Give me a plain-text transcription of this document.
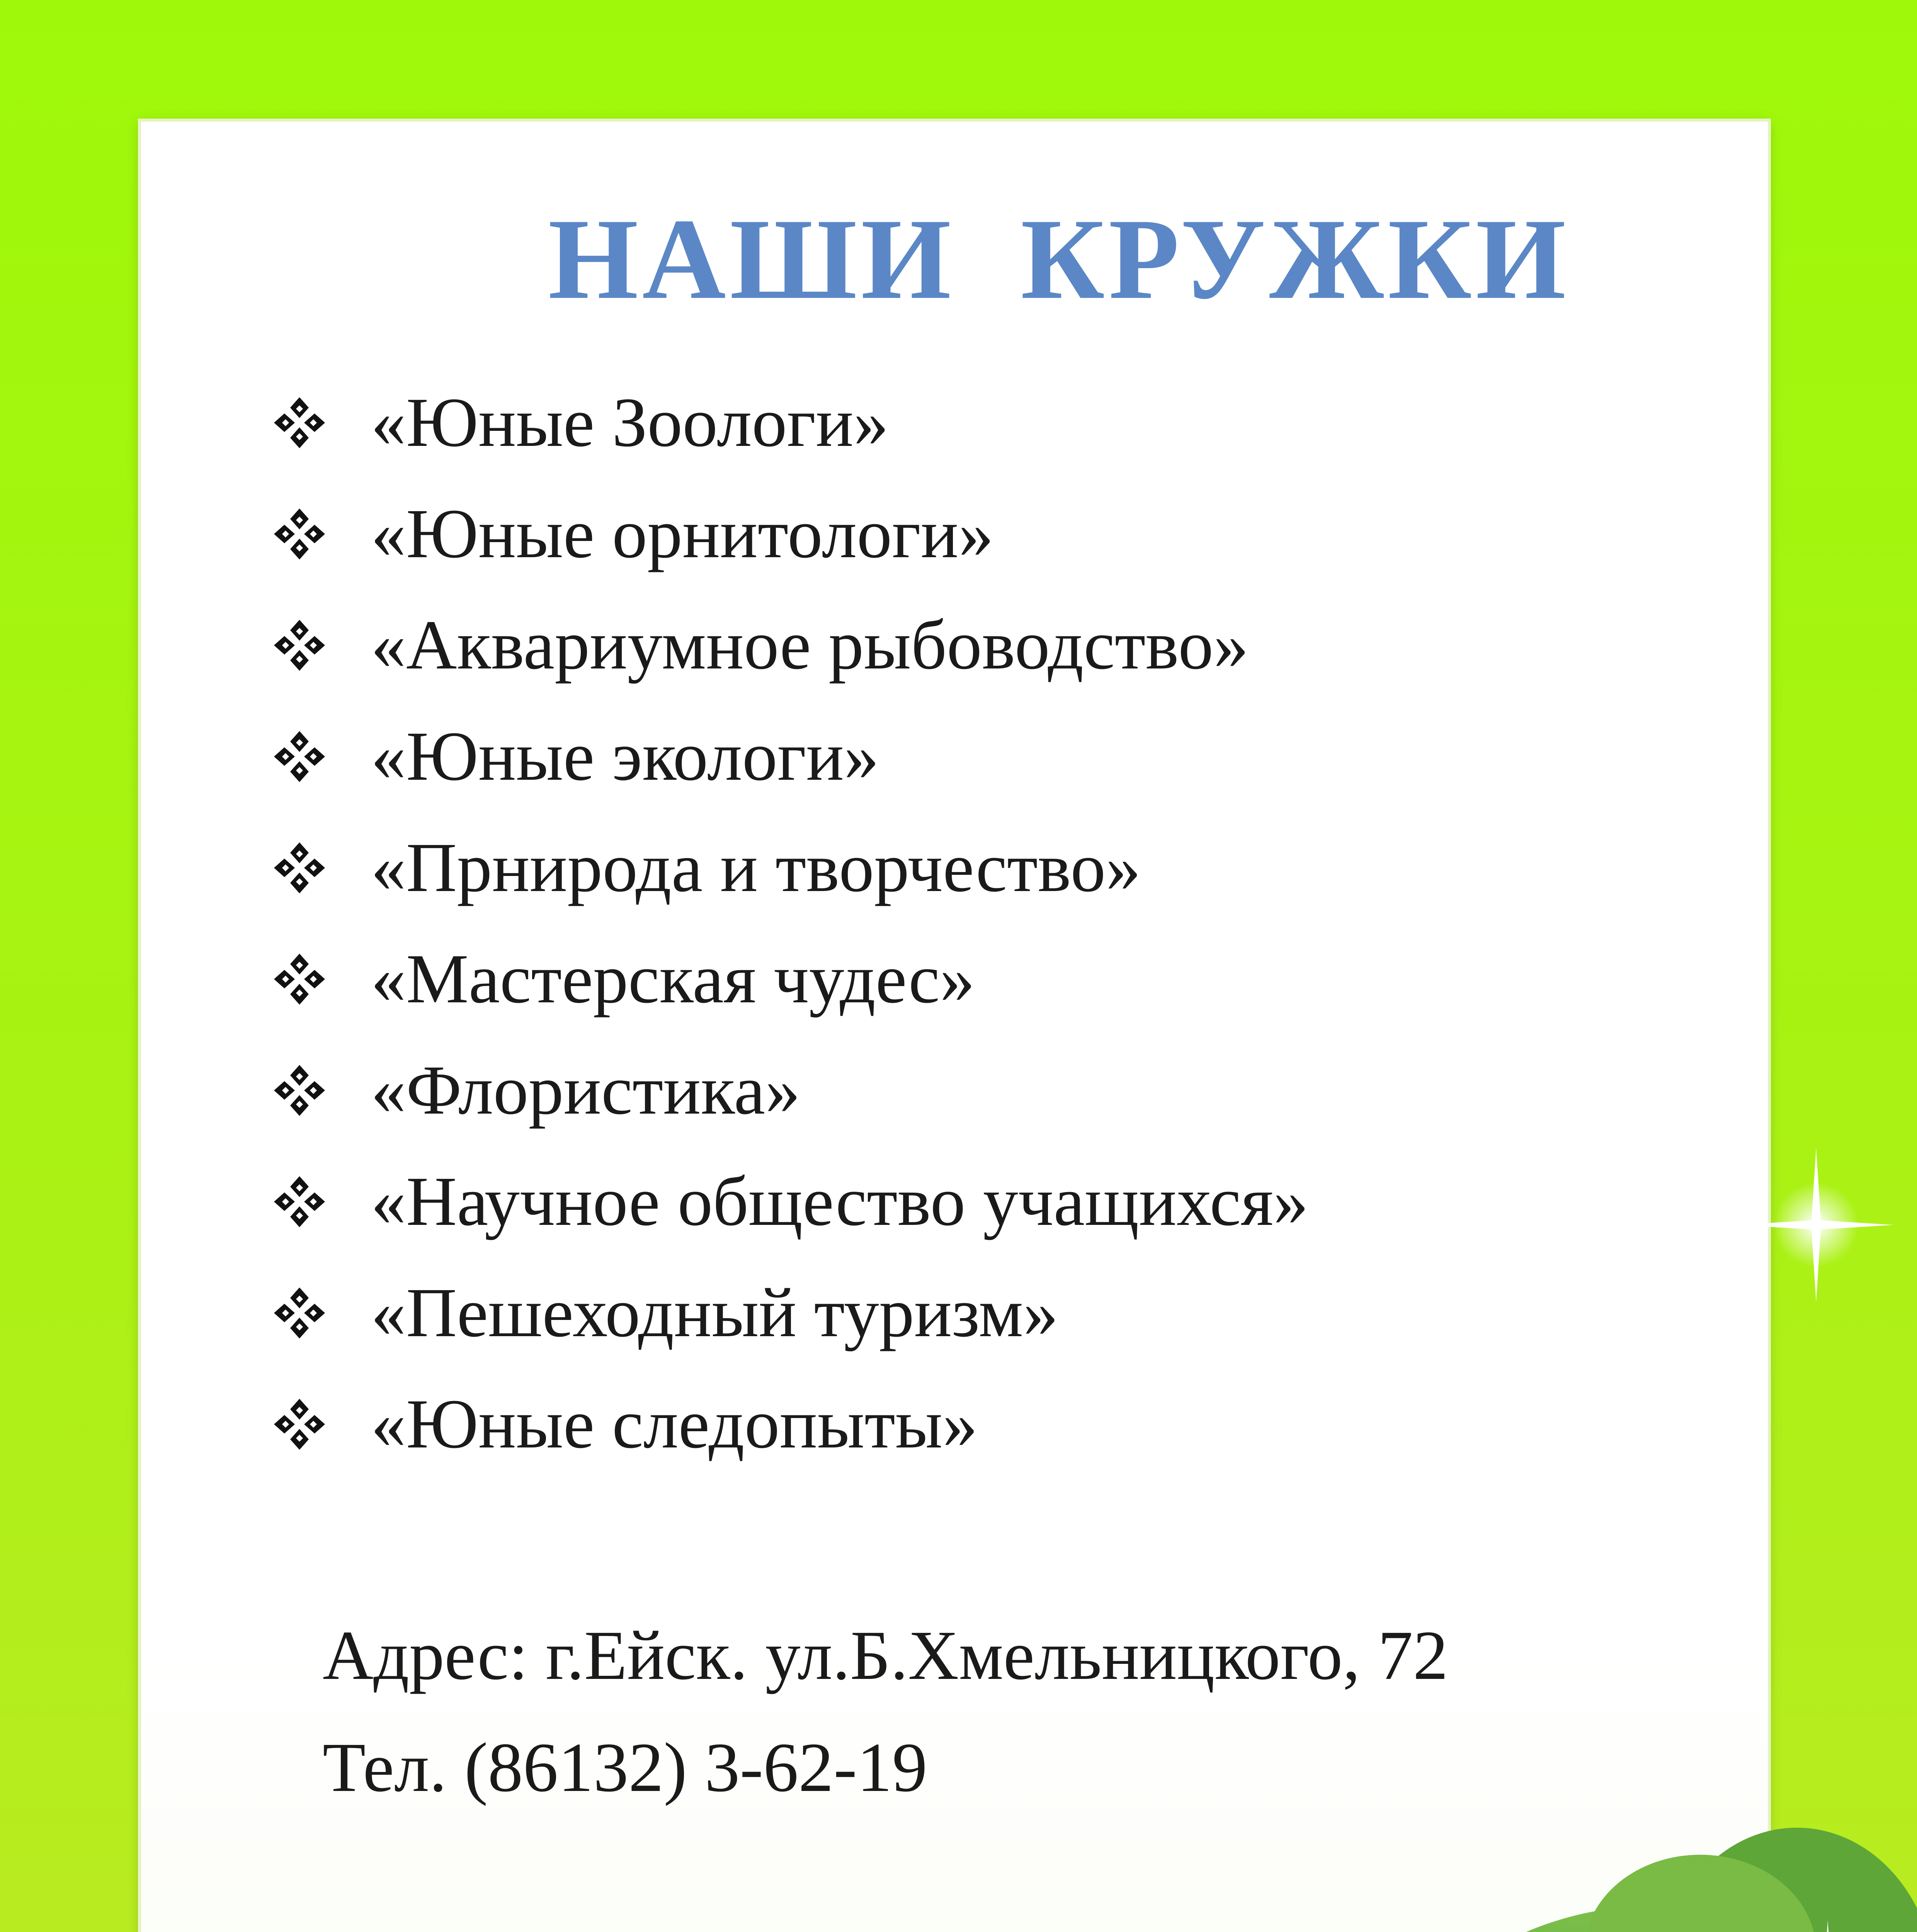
НАШИ  КРУЖКИ
«Юные Зоологи»
«Юные орнитологи»
«Аквариумное рыбоводство»
«Юные экологи»
«Прнирода и творчество»
«Мастерская чудес»
«Флористика»
«Научное общество учащихся»
«Пешеходный туризм»
«Юные следопыты»
Адрес: г.Ейск. ул.Б.Хмельницкого, 72
Тел. (86132) 3-62-19
